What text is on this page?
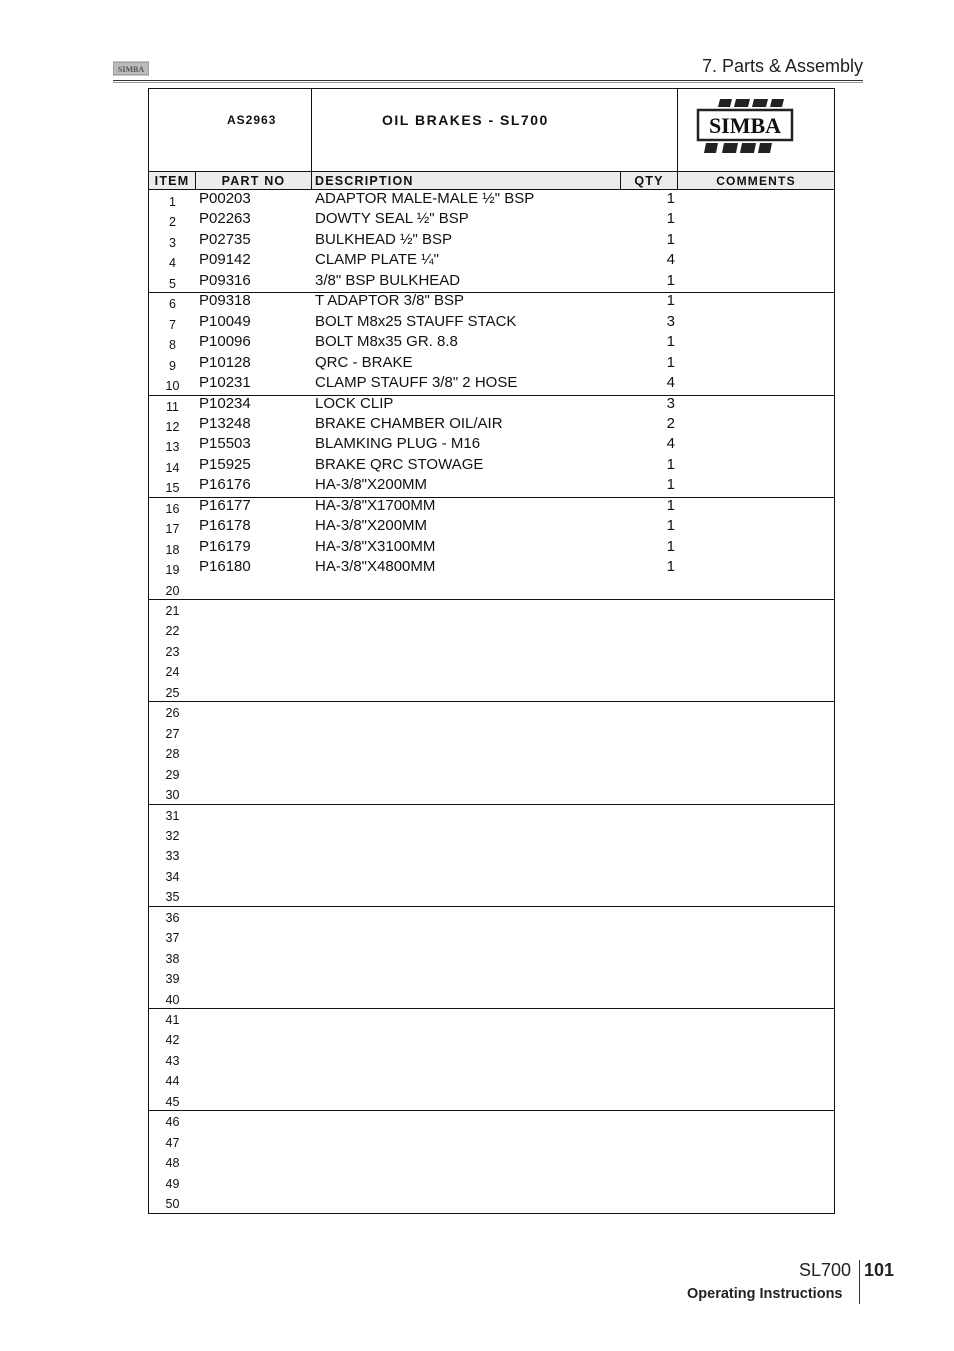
SIMBA	7. Parts & Assembly
AS2963	OIL BRAKES - SL700	SIMBA
ITEM	PART NO	DESCRIPTION	QTY	COMMENTS
1	P00203	ADAPTOR MALE-MALE ½" BSP	1
2	P02263	DOWTY SEAL ½" BSP	1
3	P02735	BULKHEAD ½" BSP	1
4	P09142	CLAMP PLATE ¼"	4
5	P09316	3/8" BSP BULKHEAD	1
6	P09318	T ADAPTOR 3/8" BSP	1
7	P10049	BOLT M8x25 STAUFF STACK	3
8	P10096	BOLT M8x35 GR. 8.8	1
9	P10128	QRC - BRAKE	1
10	P10231	CLAMP STAUFF 3/8" 2 HOSE	4
11	P10234	LOCK CLIP	3
12	P13248	BRAKE CHAMBER OIL/AIR	2
13	P15503	BLAMKING PLUG - M16	4
14	P15925	BRAKE QRC STOWAGE	1
15	P16176	HA-3/8"X200MM	1
16	P16177	HA-3/8"X1700MM	1
17	P16178	HA-3/8"X200MM	1
18	P16179	HA-3/8"X3100MM	1
19	P16180	HA-3/8"X4800MM	1
20
21
22
23
24
25
26
27
28
29
30
31
32
33
34
35
36
37
38
39
40
41
42
43
44
45
46
47
48
49
50
SL700 101
Operating Instructions
